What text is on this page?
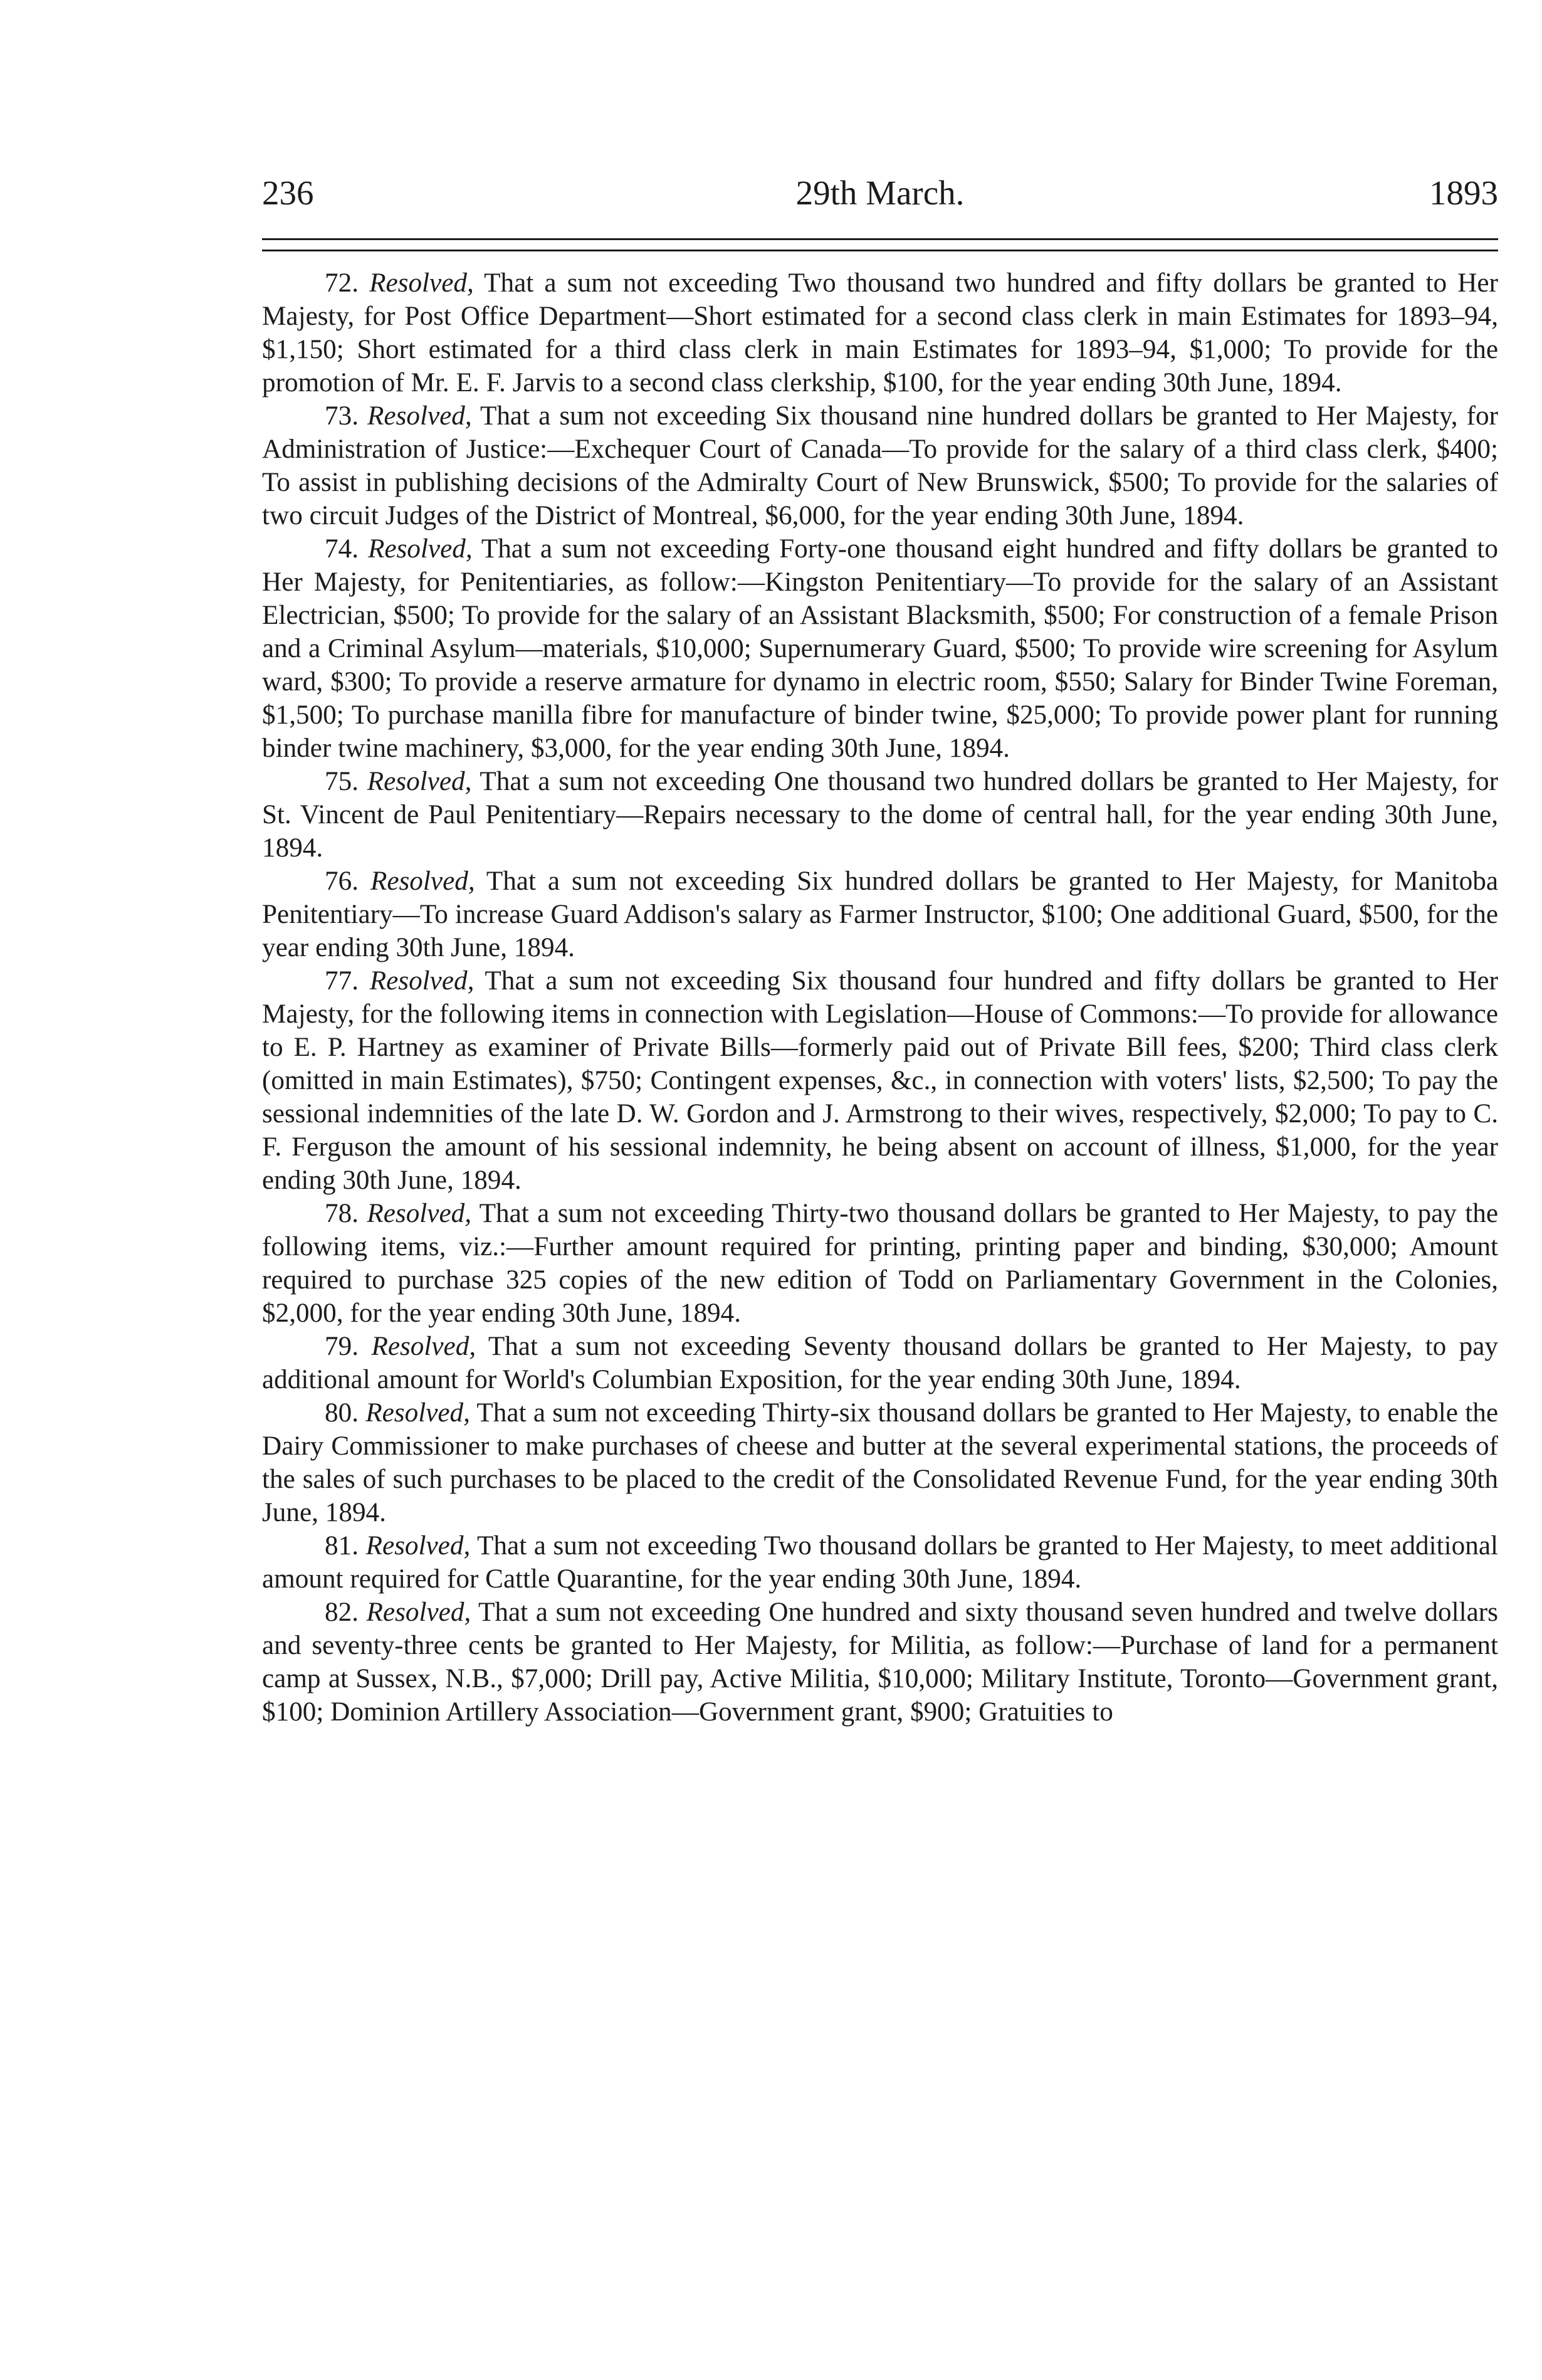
236	29th March.	1893

72. Resolved, That a sum not exceeding Two thousand two hundred and fifty dollars be granted to Her Majesty, for Post Office Department—Short estimated for a second class clerk in main Estimates for 1893–94, $1,150; Short estimated for a third class clerk in main Estimates for 1893–94, $1,000; To provide for the promotion of Mr. E. F. Jarvis to a second class clerkship, $100, for the year ending 30th June, 1894.

73. Resolved, That a sum not exceeding Six thousand nine hundred dollars be granted to Her Majesty, for Administration of Justice:—Exchequer Court of Canada—To provide for the salary of a third class clerk, $400; To assist in publishing decisions of the Admiralty Court of New Brunswick, $500; To provide for the salaries of two circuit Judges of the District of Montreal, $6,000, for the year ending 30th June, 1894.

74. Resolved, That a sum not exceeding Forty-one thousand eight hundred and fifty dollars be granted to Her Majesty, for Penitentiaries, as follow:—Kingston Penitentiary—To provide for the salary of an Assistant Electrician, $500; To provide for the salary of an Assistant Blacksmith, $500; For construction of a female Prison and a Criminal Asylum—materials, $10,000; Supernumerary Guard, $500; To provide wire screening for Asylum ward, $300; To provide a reserve armature for dynamo in electric room, $550; Salary for Binder Twine Foreman, $1,500; To purchase manilla fibre for manufacture of binder twine, $25,000; To provide power plant for running binder twine machinery, $3,000, for the year ending 30th June, 1894.

75. Resolved, That a sum not exceeding One thousand two hundred dollars be granted to Her Majesty, for St. Vincent de Paul Penitentiary—Repairs necessary to the dome of central hall, for the year ending 30th June, 1894.

76. Resolved, That a sum not exceeding Six hundred dollars be granted to Her Majesty, for Manitoba Penitentiary—To increase Guard Addison's salary as Farmer Instructor, $100; One additional Guard, $500, for the year ending 30th June, 1894.

77. Resolved, That a sum not exceeding Six thousand four hundred and fifty dollars be granted to Her Majesty, for the following items in connection with Legislation—House of Commons:—To provide for allowance to E. P. Hartney as examiner of Private Bills—formerly paid out of Private Bill fees, $200; Third class clerk (omitted in main Estimates), $750; Contingent expenses, &c., in connection with voters' lists, $2,500; To pay the sessional indemnities of the late D. W. Gordon and J. Armstrong to their wives, respectively, $2,000; To pay to C. F. Ferguson the amount of his sessional indemnity, he being absent on account of illness, $1,000, for the year ending 30th June, 1894.

78. Resolved, That a sum not exceeding Thirty-two thousand dollars be granted to Her Majesty, to pay the following items, viz.:—Further amount required for printing, printing paper and binding, $30,000; Amount required to purchase 325 copies of the new edition of Todd on Parliamentary Government in the Colonies, $2,000, for the year ending 30th June, 1894.

79. Resolved, That a sum not exceeding Seventy thousand dollars be granted to Her Majesty, to pay additional amount for World's Columbian Exposition, for the year ending 30th June, 1894.

80. Resolved, That a sum not exceeding Thirty-six thousand dollars be granted to Her Majesty, to enable the Dairy Commissioner to make purchases of cheese and butter at the several experimental stations, the proceeds of the sales of such purchases to be placed to the credit of the Consolidated Revenue Fund, for the year ending 30th June, 1894.

81. Resolved, That a sum not exceeding Two thousand dollars be granted to Her Majesty, to meet additional amount required for Cattle Quarantine, for the year ending 30th June, 1894.

82. Resolved, That a sum not exceeding One hundred and sixty thousand seven hundred and twelve dollars and seventy-three cents be granted to Her Majesty, for Militia, as follow:—Purchase of land for a permanent camp at Sussex, N.B., $7,000; Drill pay, Active Militia, $10,000; Military Institute, Toronto—Government grant, $100; Dominion Artillery Association—Government grant, $900; Gratuities to
